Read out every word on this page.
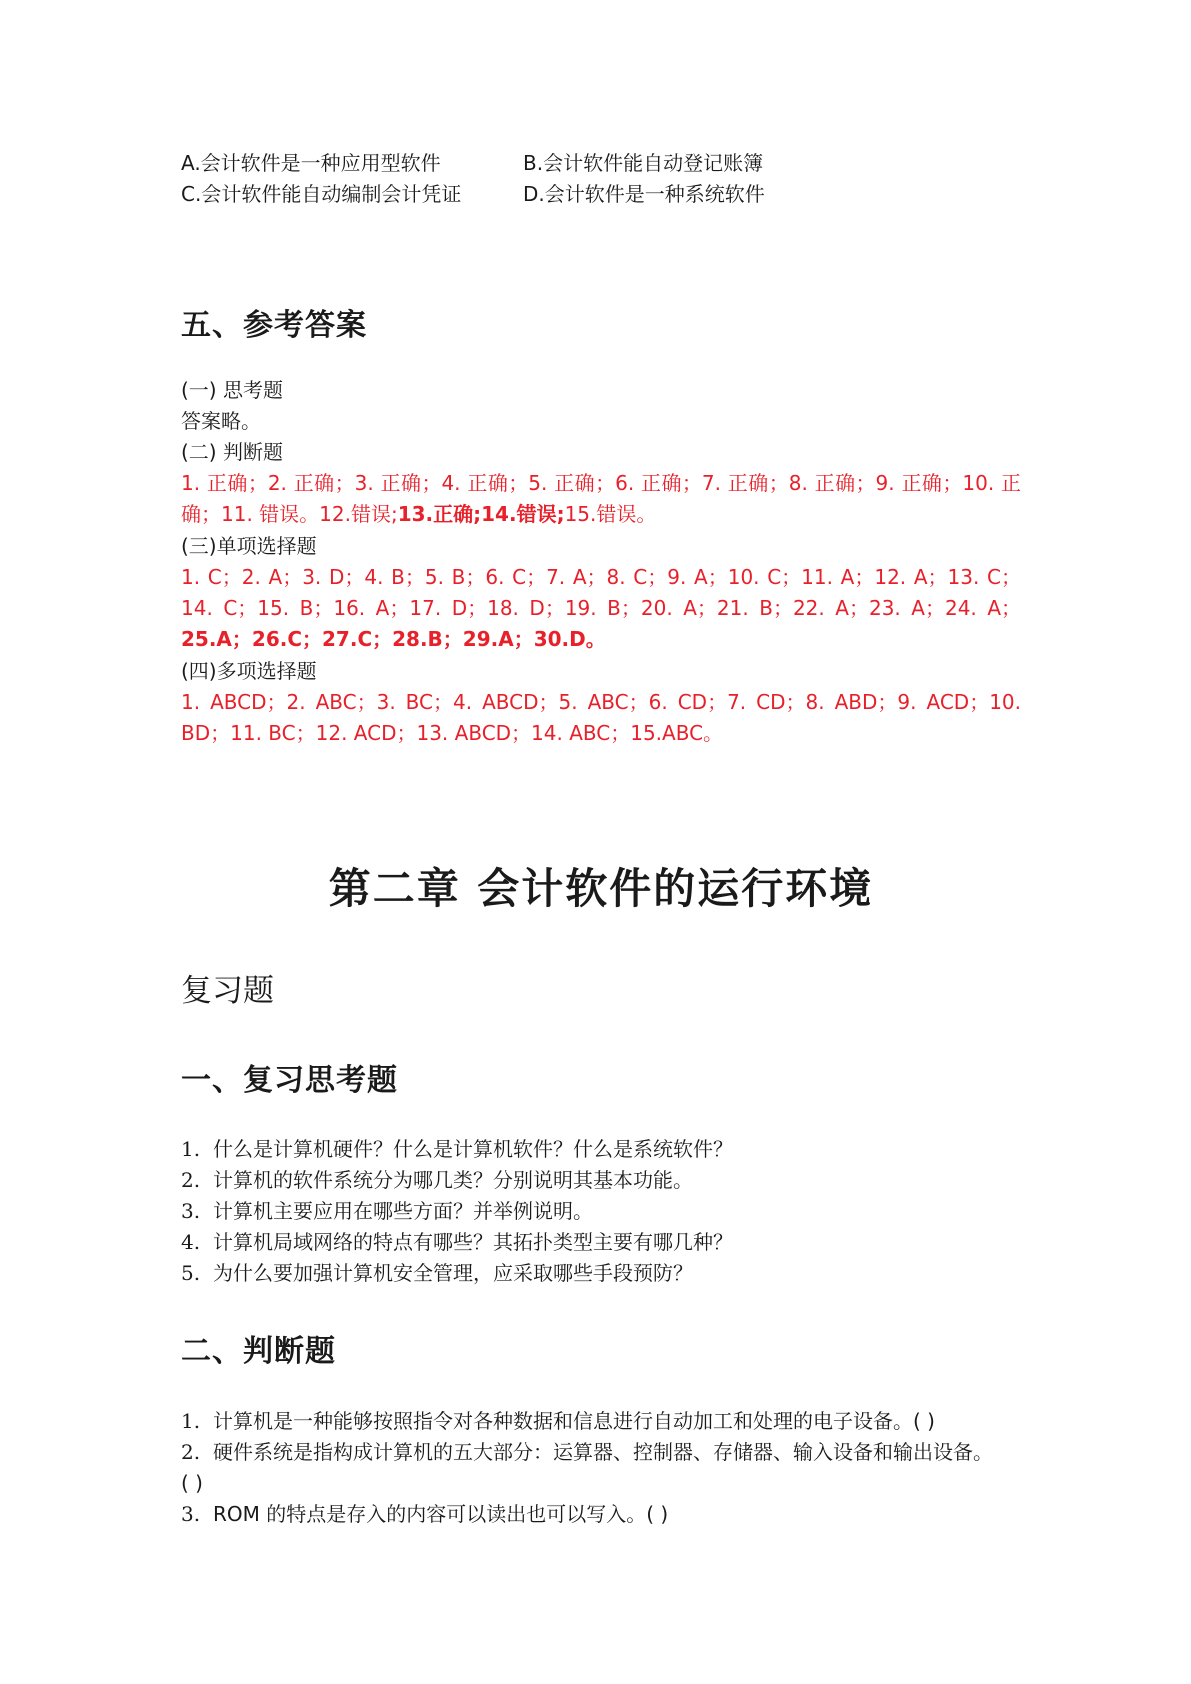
A.会计软件是一种应用型软件	B.会计软件能自动登记账簿
C.会计软件能自动编制会计凭证	D.会计软件是一种系统软件
五、参考答案
(一) 思考题
答案略。
(二) 判断题
1. 正确；2. 正确；3. 正确；4. 正确；5. 正确；6. 正确；7. 正确；8. 正确；9. 正确；10. 正确；11. 错误。12.错误;13.正确;14.错误;15.错误。
(三)单项选择题
1. C；2. A；3. D；4. B；5. B；6. C；7. A；8. C；9. A；10. C；11. A；12. A；13. C；14. C；15. B；16. A；17. D；18. D；19. B；20. A；21. B；22. A；23. A；24. A；25.A；26.C；27.C；28.B；29.A；30.D。
(四)多项选择题
1. ABCD；2. ABC；3. BC；4. ABCD；5. ABC；6. CD；7. CD；8. ABD；9. ACD；10. BD；11. BC；12. ACD；13. ABCD；14. ABC；15.ABC。
第二章 会计软件的运行环境
复习题
一、复习思考题
1. 什么是计算机硬件？什么是计算机软件？什么是系统软件？
2. 计算机的软件系统分为哪几类？分别说明其基本功能。
3. 计算机主要应用在哪些方面？并举例说明。
4. 计算机局域网络的特点有哪些？其拓扑类型主要有哪几种？
5. 为什么要加强计算机安全管理，应采取哪些手段预防？
二、判断题
1. 计算机是一种能够按照指令对各种数据和信息进行自动加工和处理的电子设备。( )
2. 硬件系统是指构成计算机的五大部分：运算器、控制器、存储器、输入设备和输出设备。
( )
3. ROM 的特点是存入的内容可以读出也可以写入。( )
